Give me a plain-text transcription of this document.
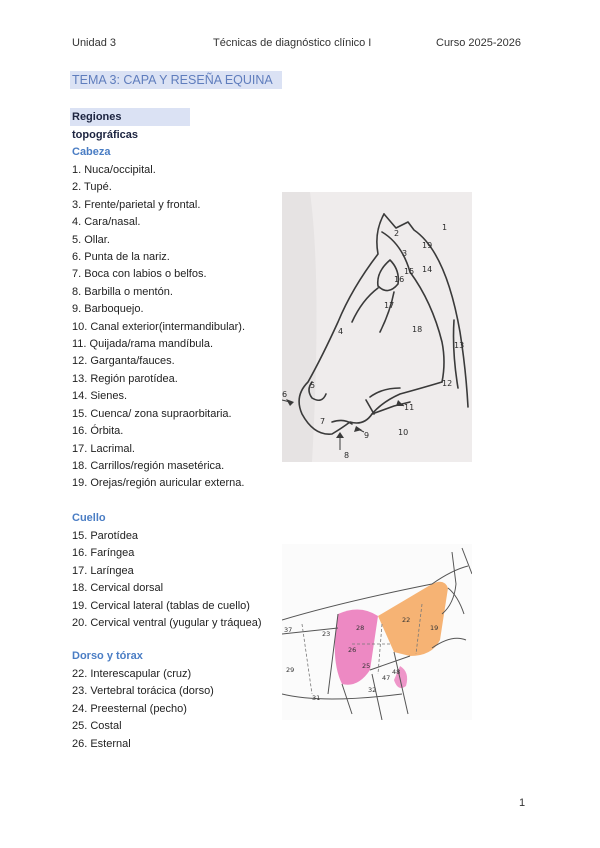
Unidad 3	Técnicas de diagnóstico clínico I	Curso 2025-2026
TEMA 3: CAPA Y RESEÑA EQUINA
Regiones topográficas
Cabeza
1. Nuca/occipital.
2. Tupé.
3. Frente/parietal y frontal.
4. Cara/nasal.
5. Ollar.
6. Punta de la nariz.
7. Boca con labios o belfos.
8. Barbilla o mentón.
9. Barboquejo.
10. Canal exterior(intermandibular).
11. Quijada/rama mandíbula.
12. Garganta/fauces.
13. Región parotídea.
14. Sienes.
15. Cuenca/ zona supraorbitaria.
16. Órbita.
17. Lacrimal.
18. Carrillos/región masetérica.
19. Orejas/región auricular externa.
Cuello
15. Parotídea
16. Faríngea
17. Laríngea
18. Cervical dorsal
19. Cervical lateral (tablas de cuello)
20. Cervical ventral (yugular y tráquea)
Dorso y tórax
22. Interescapular (cruz)
23. Vertebral torácica (dorso)
24. Preesternal (pecho)
25. Costal
26. Esternal
1
2
3
19
14
15
16
17
18
4
5
6
7
8
9	10
11
12
13
23
28	19
37
26
29
22
31
47
32
48
25
1
